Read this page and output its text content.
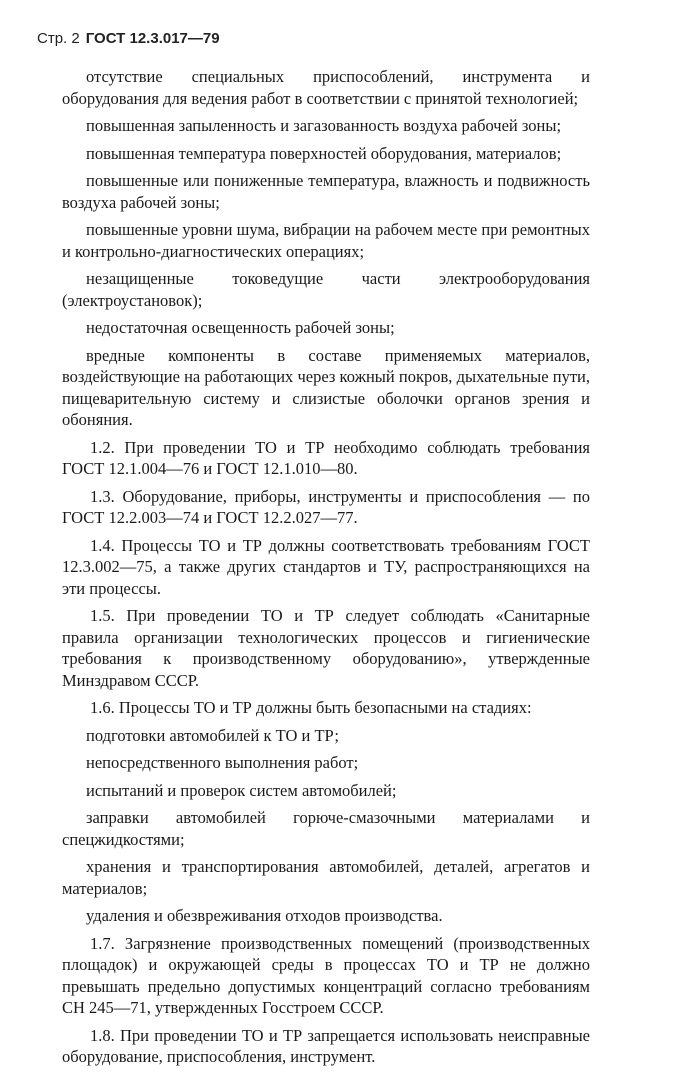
Стр. 2 ГОСТ 12.3.017—79

отсутствие специальных приспособлений, инструмента и оборудования для ведения работ в соответствии с принятой технологией;

повышенная запыленность и загазованность воздуха рабочей зоны;

повышенная температура поверхностей оборудования, материалов;

повышенные или пониженные температура, влажность и подвижность воздуха рабочей зоны;

повышенные уровни шума, вибрации на рабочем месте при ремонтных и контрольно-диагностических операциях;

незащищенные токоведущие части электрооборудования (электроустановок);

недостаточная освещенность рабочей зоны;

вредные компоненты в составе применяемых материалов, воздействующие на работающих через кожный покров, дыхательные пути, пищеварительную систему и слизистые оболочки органов зрения и обоняния.

1.2. При проведении ТО и ТР необходимо соблюдать требования ГОСТ 12.1.004—76 и ГОСТ 12.1.010—80.

1.3. Оборудование, приборы, инструменты и приспособления — по ГОСТ 12.2.003—74 и ГОСТ 12.2.027—77.

1.4. Процессы ТО и ТР должны соответствовать требованиям ГОСТ 12.3.002—75, а также других стандартов и ТУ, распространяющихся на эти процессы.

1.5. При проведении ТО и ТР следует соблюдать «Санитарные правила организации технологических процессов и гигиенические требования к производственному оборудованию», утвержденные Минздравом СССР.

1.6. Процессы ТО и ТР должны быть безопасными на стадиях:

подготовки автомобилей к ТО и ТР;

непосредственного выполнения работ;

испытаний и проверок систем автомобилей;

заправки автомобилей горюче-смазочными материалами и спецжидкостями;

хранения и транспортирования автомобилей, деталей, агрегатов и материалов;

удаления и обезвреживания отходов производства.

1.7. Загрязнение производственных помещений (производственных площадок) и окружающей среды в процессах ТО и ТР не должно превышать предельно допустимых концентраций согласно требованиям СН 245—71, утвержденных Госстроем СССР.

1.8. При проведении ТО и ТР запрещается использовать неисправные оборудование, приспособления, инструмент.
